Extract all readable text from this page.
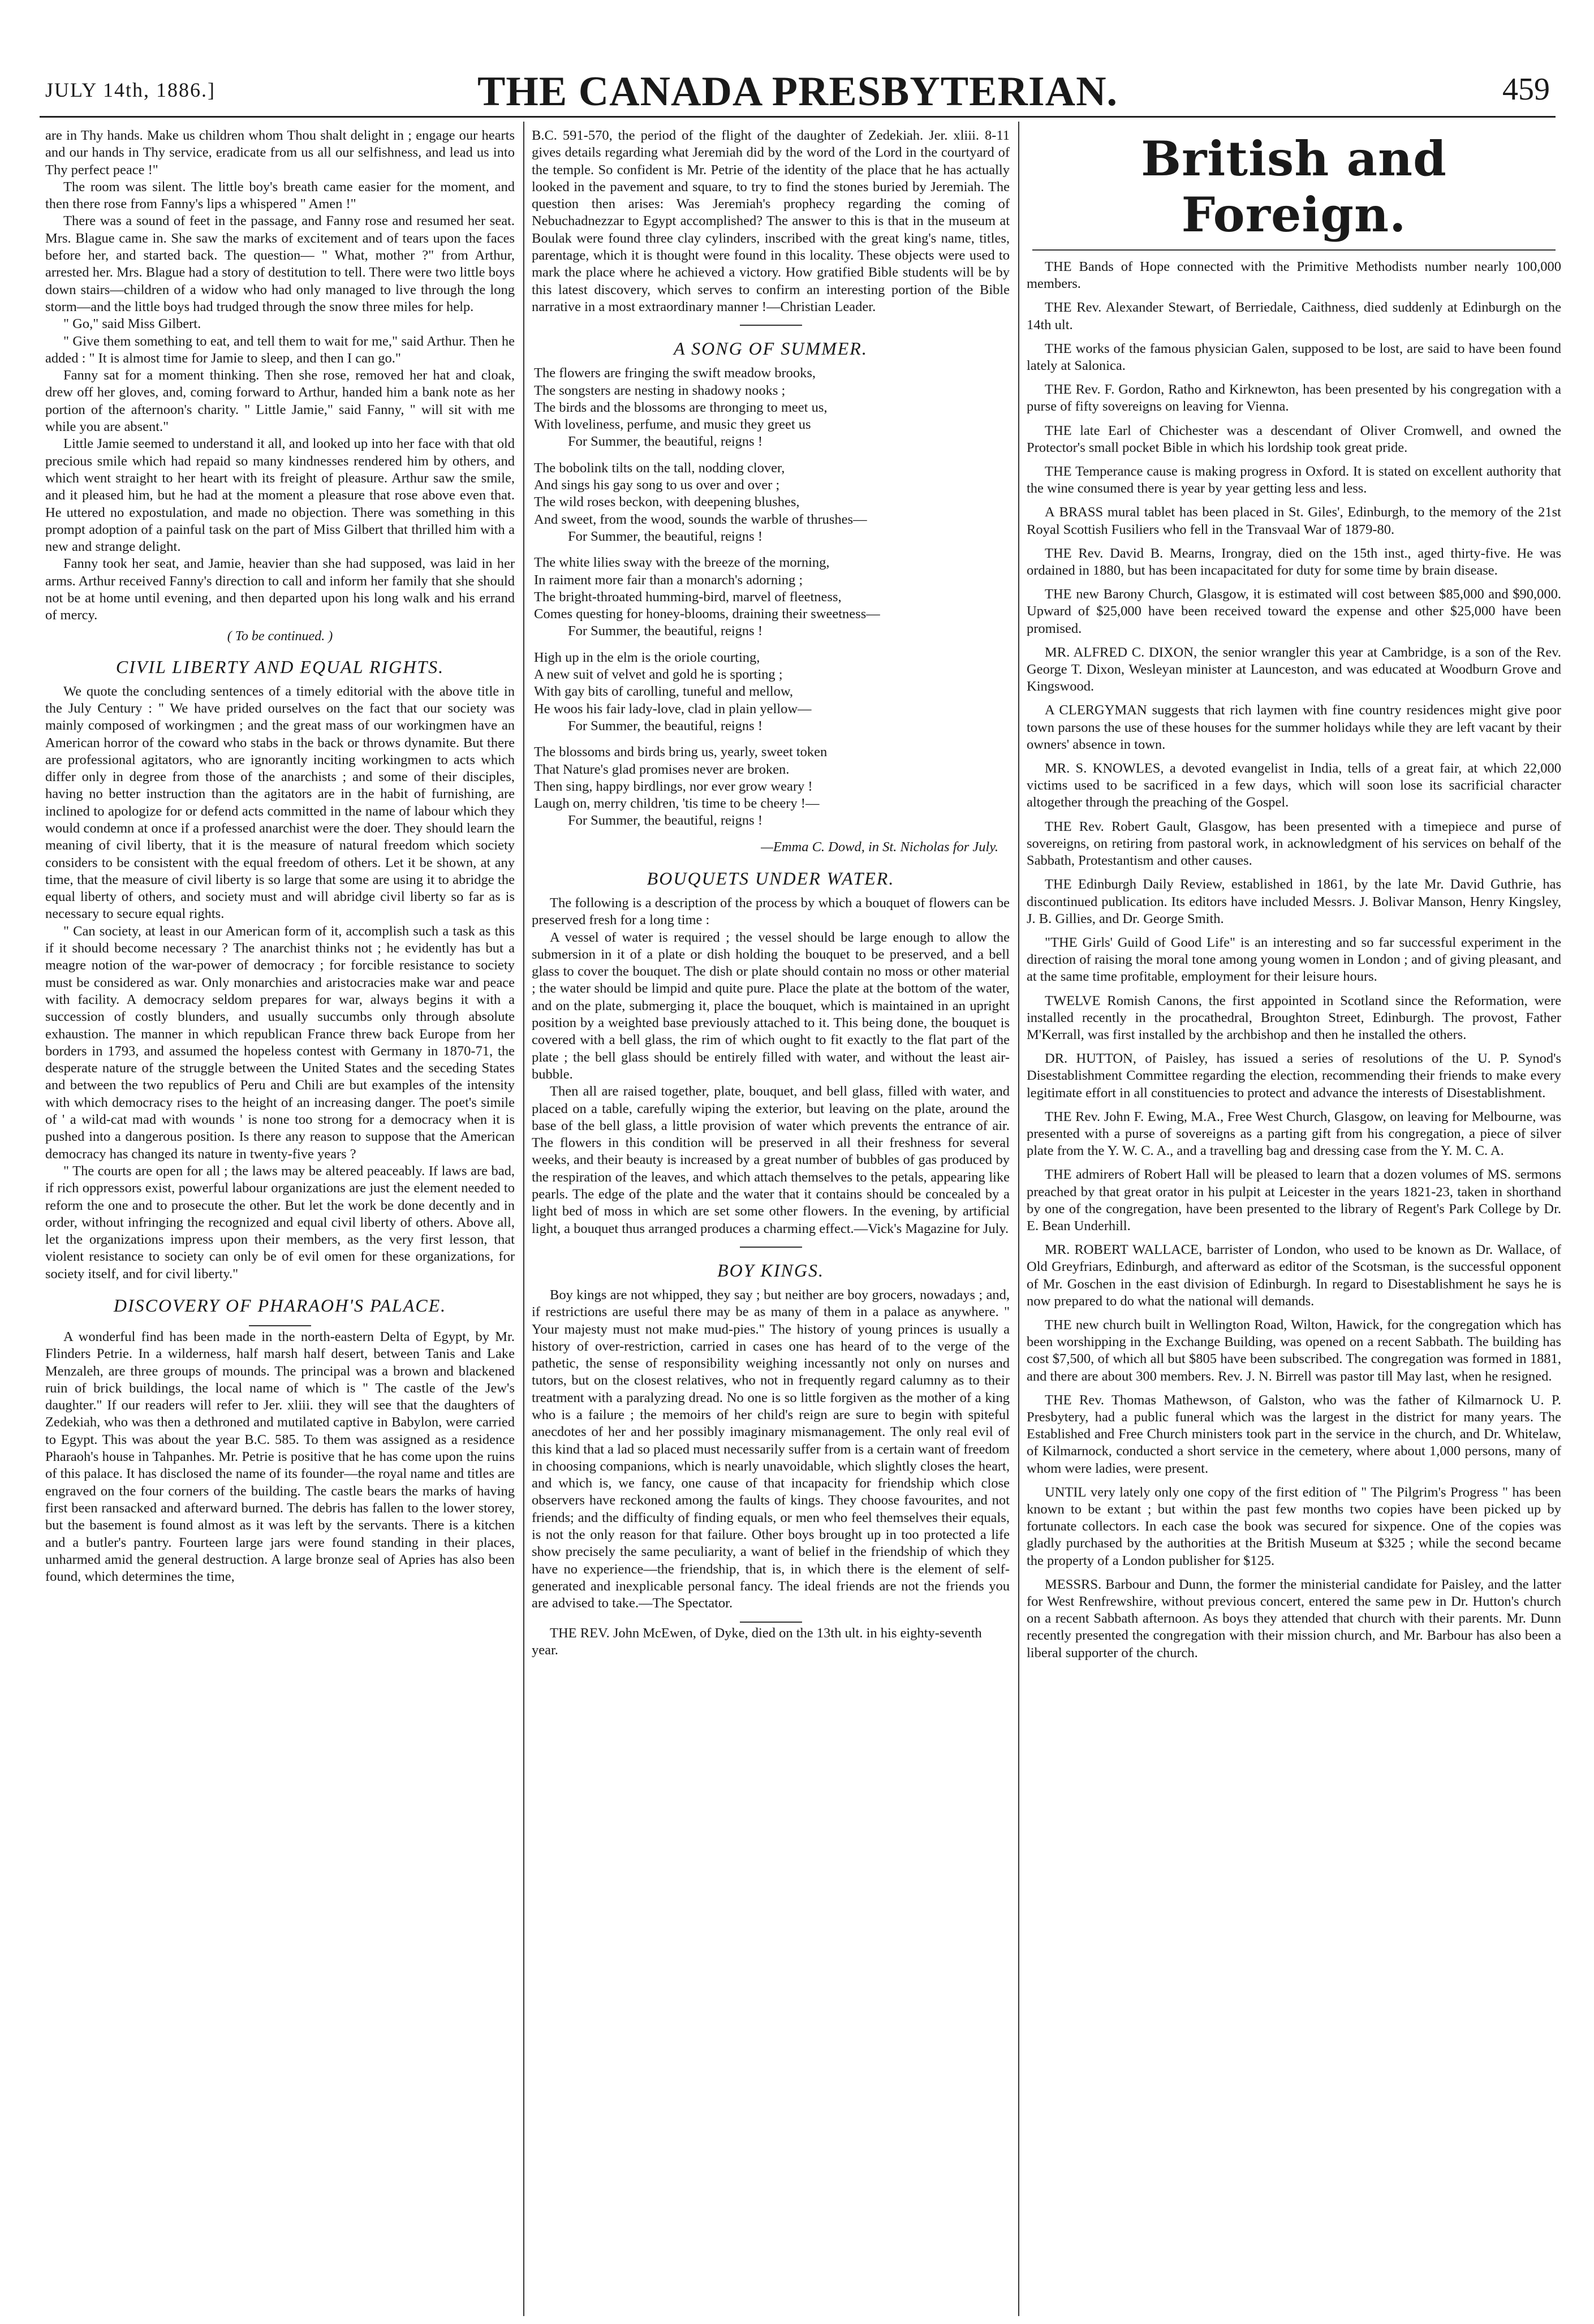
JULY 14th, 1886.]	THE CANADA PRESBYTERIAN.	459

are in Thy hands. Make us children whom Thou shalt delight in ; engage our hearts and our hands in Thy service, eradicate from us all our selfishness, and lead us into Thy perfect peace !"

The room was silent. The little boy's breath came easier for the moment, and then there rose from Fanny's lips a whispered " Amen !"

There was a sound of feet in the passage, and Fanny rose and resumed her seat. Mrs. Blague came in. She saw the marks of excitement and of tears upon the faces before her, and started back. The question— " What, mother ?" from Arthur, arrested her. Mrs. Blague had a story of destitution to tell. There were two little boys down stairs—children of a widow who had only managed to live through the long storm—and the little boys had trudged through the snow three miles for help.

" Go," said Miss Gilbert.

" Give them something to eat, and tell them to wait for me," said Arthur. Then he added : " It is almost time for Jamie to sleep, and then I can go."

Fanny sat for a moment thinking. Then she rose, removed her hat and cloak, drew off her gloves, and, coming forward to Arthur, handed him a bank note as her portion of the afternoon's charity. " Little Jamie," said Fanny, " will sit with me while you are absent."

Little Jamie seemed to understand it all, and looked up into her face with that old precious smile which had repaid so many kindnesses rendered him by others, and which went straight to her heart with its freight of pleasure. Arthur saw the smile, and it pleased him, but he had at the moment a pleasure that rose above even that. He uttered no expostulation, and made no objection. There was something in this prompt adoption of a painful task on the part of Miss Gilbert that thrilled him with a new and strange delight.

Fanny took her seat, and Jamie, heavier than she had supposed, was laid in her arms. Arthur received Fanny's direction to call and inform her family that she should not be at home until evening, and then departed upon his long walk and his errand of mercy.

( To be continued. )
CIVIL LIBERTY AND EQUAL RIGHTS.

We quote the concluding sentences of a timely editorial with the above title in the July Century : " We have prided ourselves on the fact that our society was mainly composed of workingmen ; and the great mass of our workingmen have an American horror of the coward who stabs in the back or throws dynamite. But there are professional agitators, who are ignorantly inciting workingmen to acts which differ only in degree from those of the anarchists ; and some of their disciples, having no better instruction than the agitators are in the habit of furnishing, are inclined to apologize for or defend acts committed in the name of labour which they would condemn at once if a professed anarchist were the doer. They should learn the meaning of civil liberty, that it is the measure of natural freedom which society considers to be consistent with the equal freedom of others. Let it be shown, at any time, that the measure of civil liberty is so large that some are using it to abridge the equal liberty of others, and society must and will abridge civil liberty so far as is necessary to secure equal rights.

" Can society, at least in our American form of it, accomplish such a task as this if it should become necessary ? The anarchist thinks not ; he evidently has but a meagre notion of the war-power of democracy ; for forcible resistance to society must be considered as war. Only monarchies and aristocracies make war and peace with facility. A democracy seldom prepares for war, always begins it with a succession of costly blunders, and usually succumbs only through absolute exhaustion. The manner in which republican France threw back Europe from her borders in 1793, and assumed the hopeless contest with Germany in 1870-71, the desperate nature of the struggle between the United States and the seceding States and between the two republics of Peru and Chili are but examples of the intensity with which democracy rises to the height of an increasing danger. The poet's simile of ' a wild-cat mad with wounds ' is none too strong for a democracy when it is pushed into a dangerous position. Is there any reason to suppose that the American democracy has changed its nature in twenty-five years ?

" The courts are open for all ; the laws may be altered peaceably. If laws are bad, if rich oppressors exist, powerful labour organizations are just the element needed to reform the one and to prosecute the other. But let the work be done decently and in order, without infringing the recognized and equal civil liberty of others. Above all, let the organizations impress upon their members, as the very first lesson, that violent resistance to society can only be of evil omen for these organizations, for society itself, and for civil liberty."

DISCOVERY OF PHARAOH'S PALACE.

A wonderful find has been made in the north-eastern Delta of Egypt, by Mr. Flinders Petrie. In a wilderness, half marsh half desert, between Tanis and Lake Menzaleh, are three groups of mounds. The principal was a brown and blackened ruin of brick buildings, the local name of which is " The castle of the Jew's daughter." If our readers will refer to Jer. xliii. they will see that the daughters of Zedekiah, who was then a dethroned and mutilated captive in Babylon, were carried to Egypt. This was about the year B.C. 585. To them was assigned as a residence Pharaoh's house in Tahpanhes. Mr. Petrie is positive that he has come upon the ruins of this palace. It has disclosed the name of its founder—the royal name and titles are engraved on the four corners of the building. The castle bears the marks of having first been ransacked and afterward burned. The debris has fallen to the lower storey, but the basement is found almost as it was left by the servants. There is a kitchen and a butler's pantry. Fourteen large jars were found standing in their places, unharmed amid the general destruction. A large bronze seal of Apries has also been found, which determines the time,

B.C. 591-570, the period of the flight of the daughter of Zedekiah. Jer. xliii. 8-11 gives details regarding what Jeremiah did by the word of the Lord in the courtyard of the temple. So confident is Mr. Petrie of the identity of the place that he has actually looked in the pavement and square, to try to find the stones buried by Jeremiah. The question then arises: Was Jeremiah's prophecy regarding the coming of Nebuchadnezzar to Egypt accomplished? The answer to this is that in the museum at Boulak were found three clay cylinders, inscribed with the great king's name, titles, parentage, which it is thought were found in this locality. These objects were used to mark the place where he achieved a victory. How gratified Bible students will be by this latest discovery, which serves to confirm an interesting portion of the Bible narrative in a most extraordinary manner !—Christian Leader.

A SONG OF SUMMER.
The flowers are fringing the swift meadow brooks,
The songsters are nesting in shadowy nooks ;
The birds and the blossoms are thronging to meet us,
With loveliness, perfume, and music they greet us
For Summer, the beautiful, reigns !
The bobolink tilts on the tall, nodding clover,
And sings his gay song to us over and over ;
The wild roses beckon, with deepening blushes,
And sweet, from the wood, sounds the warble of thrushes—
For Summer, the beautiful, reigns !
The white lilies sway with the breeze of the morning,
In raiment more fair than a monarch's adorning ;
The bright-throated humming-bird, marvel of fleetness,
Comes questing for honey-blooms, draining their sweetness—
For Summer, the beautiful, reigns !
High up in the elm is the oriole courting,
A new suit of velvet and gold he is sporting ;
With gay bits of carolling, tuneful and mellow,
He woos his fair lady-love, clad in plain yellow—
For Summer, the beautiful, reigns !
The blossoms and birds bring us, yearly, sweet token
That Nature's glad promises never are broken.
Then sing, happy birdlings, nor ever grow weary !
Laugh on, merry children, 'tis time to be cheery !—
For Summer, the beautiful, reigns !
—Emma C. Dowd, in St. Nicholas for July.
BOUQUETS UNDER WATER.

The following is a description of the process by which a bouquet of flowers can be preserved fresh for a long time :

A vessel of water is required ; the vessel should be large enough to allow the submersion in it of a plate or dish holding the bouquet to be preserved, and a bell glass to cover the bouquet. The dish or plate should contain no moss or other material ; the water should be limpid and quite pure. Place the plate at the bottom of the water, and on the plate, submerging it, place the bouquet, which is maintained in an upright position by a weighted base previously attached to it. This being done, the bouquet is covered with a bell glass, the rim of which ought to fit exactly to the flat part of the plate ; the bell glass should be entirely filled with water, and without the least air-bubble.

Then all are raised together, plate, bouquet, and bell glass, filled with water, and placed on a table, carefully wiping the exterior, but leaving on the plate, around the base of the bell glass, a little provision of water which prevents the entrance of air. The flowers in this condition will be preserved in all their freshness for several weeks, and their beauty is increased by a great number of bubbles of gas produced by the respiration of the leaves, and which attach themselves to the petals, appearing like pearls. The edge of the plate and the water that it contains should be concealed by a light bed of moss in which are set some other flowers. In the evening, by artificial light, a bouquet thus arranged produces a charming effect.—Vick's Magazine for July.

BOY KINGS.

Boy kings are not whipped, they say ; but neither are boy grocers, nowadays ; and, if restrictions are useful there may be as many of them in a palace as anywhere. " Your majesty must not make mud-pies." The history of young princes is usually a history of over-restriction, carried in cases one has heard of to the verge of the pathetic, the sense of responsibility weighing incessantly not only on nurses and tutors, but on the closest relatives, who not in frequently regard calumny as to their treatment with a paralyzing dread. No one is so little forgiven as the mother of a king who is a failure ; the memoirs of her child's reign are sure to begin with spiteful anecdotes of her and her possibly imaginary mismanagement. The only real evil of this kind that a lad so placed must necessarily suffer from is a certain want of freedom in choosing companions, which is nearly unavoidable, which slightly closes the heart, and which is, we fancy, one cause of that incapacity for friendship which close observers have reckoned among the faults of kings. They choose favourites, and not friends; and the difficulty of finding equals, or men who feel themselves their equals, is not the only reason for that failure. Other boys brought up in too protected a life show precisely the same peculiarity, a want of belief in the friendship of which they have no experience—the friendship, that is, in which there is the element of self-generated and inexplicable personal fancy. The ideal friends are not the friends you are advised to take.—The Spectator.

THE REV. John McEwen, of Dyke, died on the 13th ult. in his eighty-seventh year.

British and Foreign.

THE Bands of Hope connected with the Primitive Methodists number nearly 100,000 members.

THE Rev. Alexander Stewart, of Berriedale, Caithness, died suddenly at Edinburgh on the 14th ult.

THE works of the famous physician Galen, supposed to be lost, are said to have been found lately at Salonica.

THE Rev. F. Gordon, Ratho and Kirknewton, has been presented by his congregation with a purse of fifty sovereigns on leaving for Vienna.

THE late Earl of Chichester was a descendant of Oliver Cromwell, and owned the Protector's small pocket Bible in which his lordship took great pride.

THE Temperance cause is making progress in Oxford. It is stated on excellent authority that the wine consumed there is year by year getting less and less.

A BRASS mural tablet has been placed in St. Giles', Edinburgh, to the memory of the 21st Royal Scottish Fusiliers who fell in the Transvaal War of 1879-80.

THE Rev. David B. Mearns, Irongray, died on the 15th inst., aged thirty-five. He was ordained in 1880, but has been incapacitated for duty for some time by brain disease.

THE new Barony Church, Glasgow, it is estimated will cost between $85,000 and $90,000. Upward of $25,000 have been received toward the expense and other $25,000 have been promised.

MR. ALFRED C. DIXON, the senior wrangler this year at Cambridge, is a son of the Rev. George T. Dixon, Wesleyan minister at Launceston, and was educated at Woodburn Grove and Kingswood.

A CLERGYMAN suggests that rich laymen with fine country residences might give poor town parsons the use of these houses for the summer holidays while they are left vacant by their owners' absence in town.

MR. S. KNOWLES, a devoted evangelist in India, tells of a great fair, at which 22,000 victims used to be sacrificed in a few days, which will soon lose its sacrificial character altogether through the preaching of the Gospel.

THE Rev. Robert Gault, Glasgow, has been presented with a timepiece and purse of sovereigns, on retiring from pastoral work, in acknowledgment of his services on behalf of the Sabbath, Protestantism and other causes.

THE Edinburgh Daily Review, established in 1861, by the late Mr. David Guthrie, has discontinued publication. Its editors have included Messrs. J. Bolivar Manson, Henry Kingsley, J. B. Gillies, and Dr. George Smith.

"THE Girls' Guild of Good Life" is an interesting and so far successful experiment in the direction of raising the moral tone among young women in London ; and of giving pleasant, and at the same time profitable, employment for their leisure hours.

TWELVE Romish Canons, the first appointed in Scotland since the Reformation, were installed recently in the procathedral, Broughton Street, Edinburgh. The provost, Father M'Kerrall, was first installed by the archbishop and then he installed the others.

DR. HUTTON, of Paisley, has issued a series of resolutions of the U. P. Synod's Disestablishment Committee regarding the election, recommending their friends to make every legitimate effort in all constituencies to protect and advance the interests of Disestablishment.

THE Rev. John F. Ewing, M.A., Free West Church, Glasgow, on leaving for Melbourne, was presented with a purse of sovereigns as a parting gift from his congregation, a piece of silver plate from the Y. W. C. A., and a travelling bag and dressing case from the Y. M. C. A.

THE admirers of Robert Hall will be pleased to learn that a dozen volumes of MS. sermons preached by that great orator in his pulpit at Leicester in the years 1821-23, taken in shorthand by one of the congregation, have been presented to the library of Regent's Park College by Dr. E. Bean Underhill.

MR. ROBERT WALLACE, barrister of London, who used to be known as Dr. Wallace, of Old Greyfriars, Edinburgh, and afterward as editor of the Scotsman, is the successful opponent of Mr. Goschen in the east division of Edinburgh. In regard to Disestablishment he says he is now prepared to do what the national will demands.

THE new church built in Wellington Road, Wilton, Hawick, for the congregation which has been worshipping in the Exchange Building, was opened on a recent Sabbath. The building has cost $7,500, of which all but $805 have been subscribed. The congregation was formed in 1881, and there are about 300 members. Rev. J. N. Birrell was pastor till May last, when he resigned.

THE Rev. Thomas Mathewson, of Galston, who was the father of Kilmarnock U. P. Presbytery, had a public funeral which was the largest in the district for many years. The Established and Free Church ministers took part in the service in the church, and Dr. Whitelaw, of Kilmarnock, conducted a short service in the cemetery, where about 1,000 persons, many of whom were ladies, were present.

UNTIL very lately only one copy of the first edition of " The Pilgrim's Progress " has been known to be extant ; but within the past few months two copies have been picked up by fortunate collectors. In each case the book was secured for sixpence. One of the copies was gladly purchased by the authorities at the British Museum at $325 ; while the second became the property of a London publisher for $125.

MESSRS. Barbour and Dunn, the former the ministerial candidate for Paisley, and the latter for West Renfrewshire, without previous concert, entered the same pew in Dr. Hutton's church on a recent Sabbath afternoon. As boys they attended that church with their parents. Mr. Dunn recently presented the congregation with their mission church, and Mr. Barbour has also been a liberal supporter of the church.
